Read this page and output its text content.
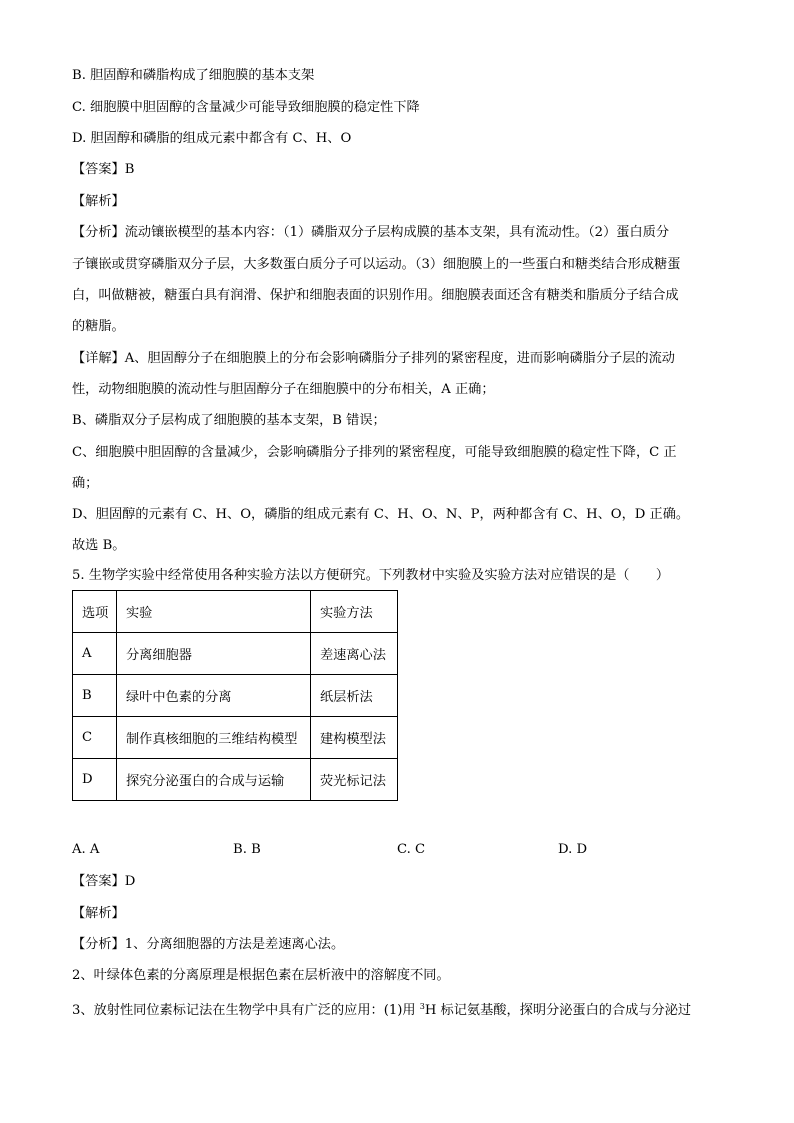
B. 胆固醇和磷脂构成了细胞膜的基本支架
C. 细胞膜中胆固醇的含量减少可能导致细胞膜的稳定性下降
D. 胆固醇和磷脂的组成元素中都含有 C、H、O
【答案】B
【解析】
【分析】流动镶嵌模型的基本内容：（1）磷脂双分子层构成膜的基本支架，具有流动性。（2）蛋白质分
子镶嵌或贯穿磷脂双分子层，大多数蛋白质分子可以运动。（3）细胞膜上的一些蛋白和糖类结合形成糖蛋
白，叫做糖被，糖蛋白具有润滑、保护和细胞表面的识别作用。细胞膜表面还含有糖类和脂质分子结合成
的糖脂。
【详解】A、胆固醇分子在细胞膜上的分布会影响磷脂分子排列的紧密程度，进而影响磷脂分子层的流动
性，动物细胞膜的流动性与胆固醇分子在细胞膜中的分布相关，A 正确；
B、磷脂双分子层构成了细胞膜的基本支架，B 错误；
C、细胞膜中胆固醇的含量减少，会影响磷脂分子排列的紧密程度，可能导致细胞膜的稳定性下降，C 正
确；
D、胆固醇的元素有 C、H、O，磷脂的组成元素有 C、H、O、N、P，两种都含有 C、H、O，D 正确。
故选 B。
5. 生物学实验中经常使用各种实验方法以方便研究。下列教材中实验及实验方法对应错误的是（　　）
选项	实验	实验方法
A	分离细胞器	差速离心法
B	绿叶中色素的分离	纸层析法
C	制作真核细胞的三维结构模型	建构模型法
D	探究分泌蛋白的合成与运输	荧光标记法
A. A	B. B	C. C	D. D
【答案】D
【解析】
【分析】1、分离细胞器的方法是差速离心法。
2、叶绿体色素的分离原理是根据色素在层析液中的溶解度不同。
3、放射性同位素标记法在生物学中具有广泛的应用：(1)用 $^3$H 标记氨基酸，探明分泌蛋白的合成与分泌过
